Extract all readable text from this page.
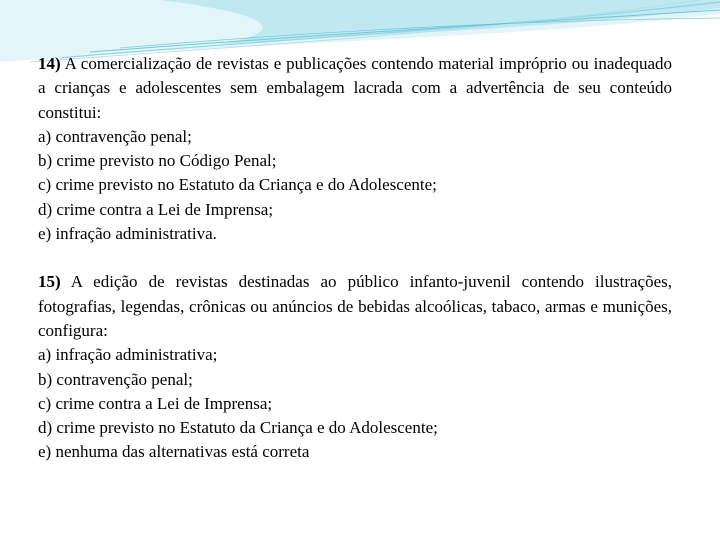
14) A comercialização de revistas e publicações contendo material impróprio ou inadequado a crianças e adolescentes sem embalagem lacrada com a advertência de seu conteúdo constitui:

a) contravenção penal;
b) crime previsto no Código Penal;
c) crime previsto no Estatuto da Criança e do Adolescente;
d) crime contra a Lei de Imprensa;
e) infração administrativa.

15) A edição de revistas destinadas ao público infanto-juvenil contendo ilustrações, fotografias, legendas, crônicas ou anúncios de bebidas alcoólicas, tabaco, armas e munições, configura:

a) infração administrativa;
b) contravenção penal;
c) crime contra a Lei de Imprensa;
d) crime previsto no Estatuto da Criança e do Adolescente;
e) nenhuma das alternativas está correta
